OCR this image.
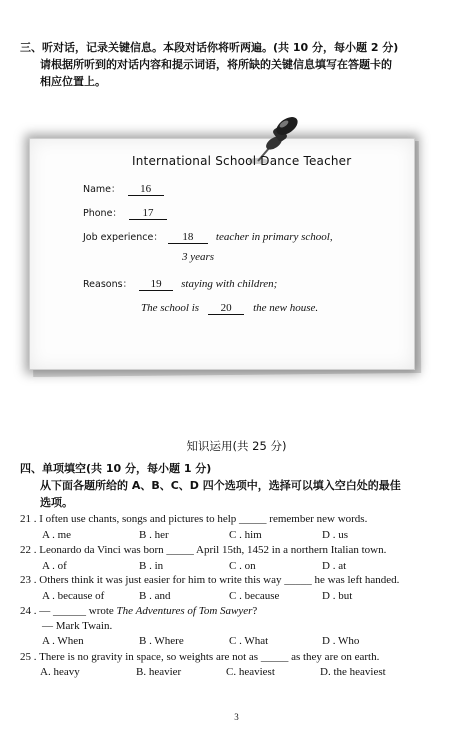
三、听对话，记录关键信息。本段对话你将听两遍。(共 10 分，每小题 2 分)
请根据所听到的对话内容和提示词语，将所缺的关键信息填写在答题卡的
相应位置上。
International School Dance Teacher
Name： 16
Phone： 17
Job experience： 18 teacher in primary school,
3 years
Reasons： 19 staying with children;
The school is 20 the new house.
知识运用(共 25 分)
四、单项填空(共 10 分，每小题 1 分)
从下面各题所给的 A、B、C、D 四个选项中，选择可以填入空白处的最佳
选项。
21 . I often use chants, songs and pictures to help _____ remember new words.
A . me	B . her	C . him	D . us
22 . Leonardo da Vinci was born _____ April 15th, 1452 in a northern Italian town.
A . of	B . in	C . on	D . at
23 . Others think it was just easier for him to write this way _____ he was left handed.
A . because of	B . and	C . because	D . but
24 . — ______ wrote The Adventures of Tom Sawyer?
— Mark Twain.
A . When	B . Where	C . What	D . Who
25 . There is no gravity in space, so weights are not as _____ as they are on earth.
A. heavy	B. heavier	C. heaviest	D. the heaviest
3
